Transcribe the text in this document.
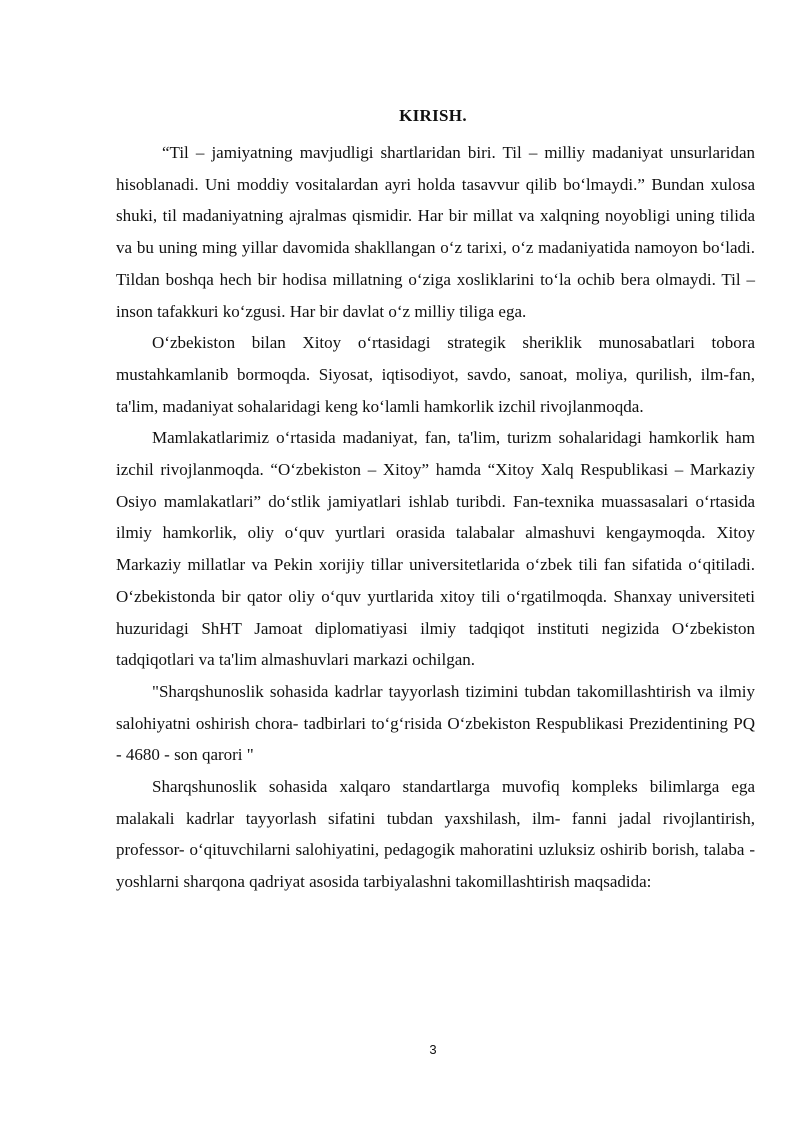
KIRISH.

“Til – jamiyatning mavjudligi shartlaridan biri. Til – milliy madaniyat unsurlaridan hisoblanadi. Uni moddiy vositalardan ayri holda tasavvur qilib bo‘lmaydi.” Bundan xulosa shuki, til madaniyatning ajralmas qismidir. Har bir millat va xalqning noyobligi uning tilida va bu uning ming yillar davomida shakllangan o‘z tarixi, o‘z madaniyatida namoyon bo‘ladi. Tildan boshqa hech bir hodisa millatning o‘ziga xosliklarini to‘la ochib bera olmaydi. Til – inson tafakkuri ko‘zgusi. Har bir davlat o‘z milliy tiliga ega.

O‘zbekiston bilan Xitoy o‘rtasidagi strategik sheriklik munosabatlari tobora mustahkamlanib bormoqda. Siyosat, iqtisodiyot, savdo, sanoat, moliya, qurilish, ilm-fan, ta'lim, madaniyat sohalaridagi keng ko‘lamli hamkorlik izchil rivojlanmoqda.

Mamlakatlarimiz o‘rtasida madaniyat, fan, ta'lim, turizm sohalaridagi hamkorlik ham izchil rivojlanmoqda. “O‘zbekiston – Xitoy” hamda “Xitoy Xalq Respublikasi – Markaziy Osiyo mamlakatlari” do‘stlik jamiyatlari ishlab turibdi. Fan-texnika muassasalari o‘rtasida ilmiy hamkorlik, oliy o‘quv yurtlari orasida talabalar almashuvi kengaymoqda. Xitoy Markaziy millatlar va Pekin xorijiy tillar universitetlarida o‘zbek tili fan sifatida o‘qitiladi. O‘zbekistonda bir qator oliy o‘quv yurtlarida xitoy tili o‘rgatilmoqda. Shanxay universiteti huzuridagi ShHT Jamoat diplomatiyasi ilmiy tadqiqot instituti negizida O‘zbekiston tadqiqotlari va ta'lim almashuvlari markazi ochilgan.

"Sharqshunoslik sohasida kadrlar tayyorlash tizimini tubdan takomillashtirish va ilmiy salohiyatni oshirish chora- tadbirlari to‘g‘risida O‘zbekiston Respublikasi Prezidentining PQ - 4680 - son qarori "

Sharqshunoslik sohasida xalqaro standartlarga muvofiq kompleks bilimlarga ega malakali kadrlar tayyorlash sifatini tubdan yaxshilash, ilm- fanni jadal rivojlantirish, professor- o‘qituvchilarni salohiyatini, pedagogik mahoratini uzluksiz oshirib borish, talaba - yoshlarni sharqona qadriyat asosida tarbiyalashni takomillashtirish maqsadida:

3
